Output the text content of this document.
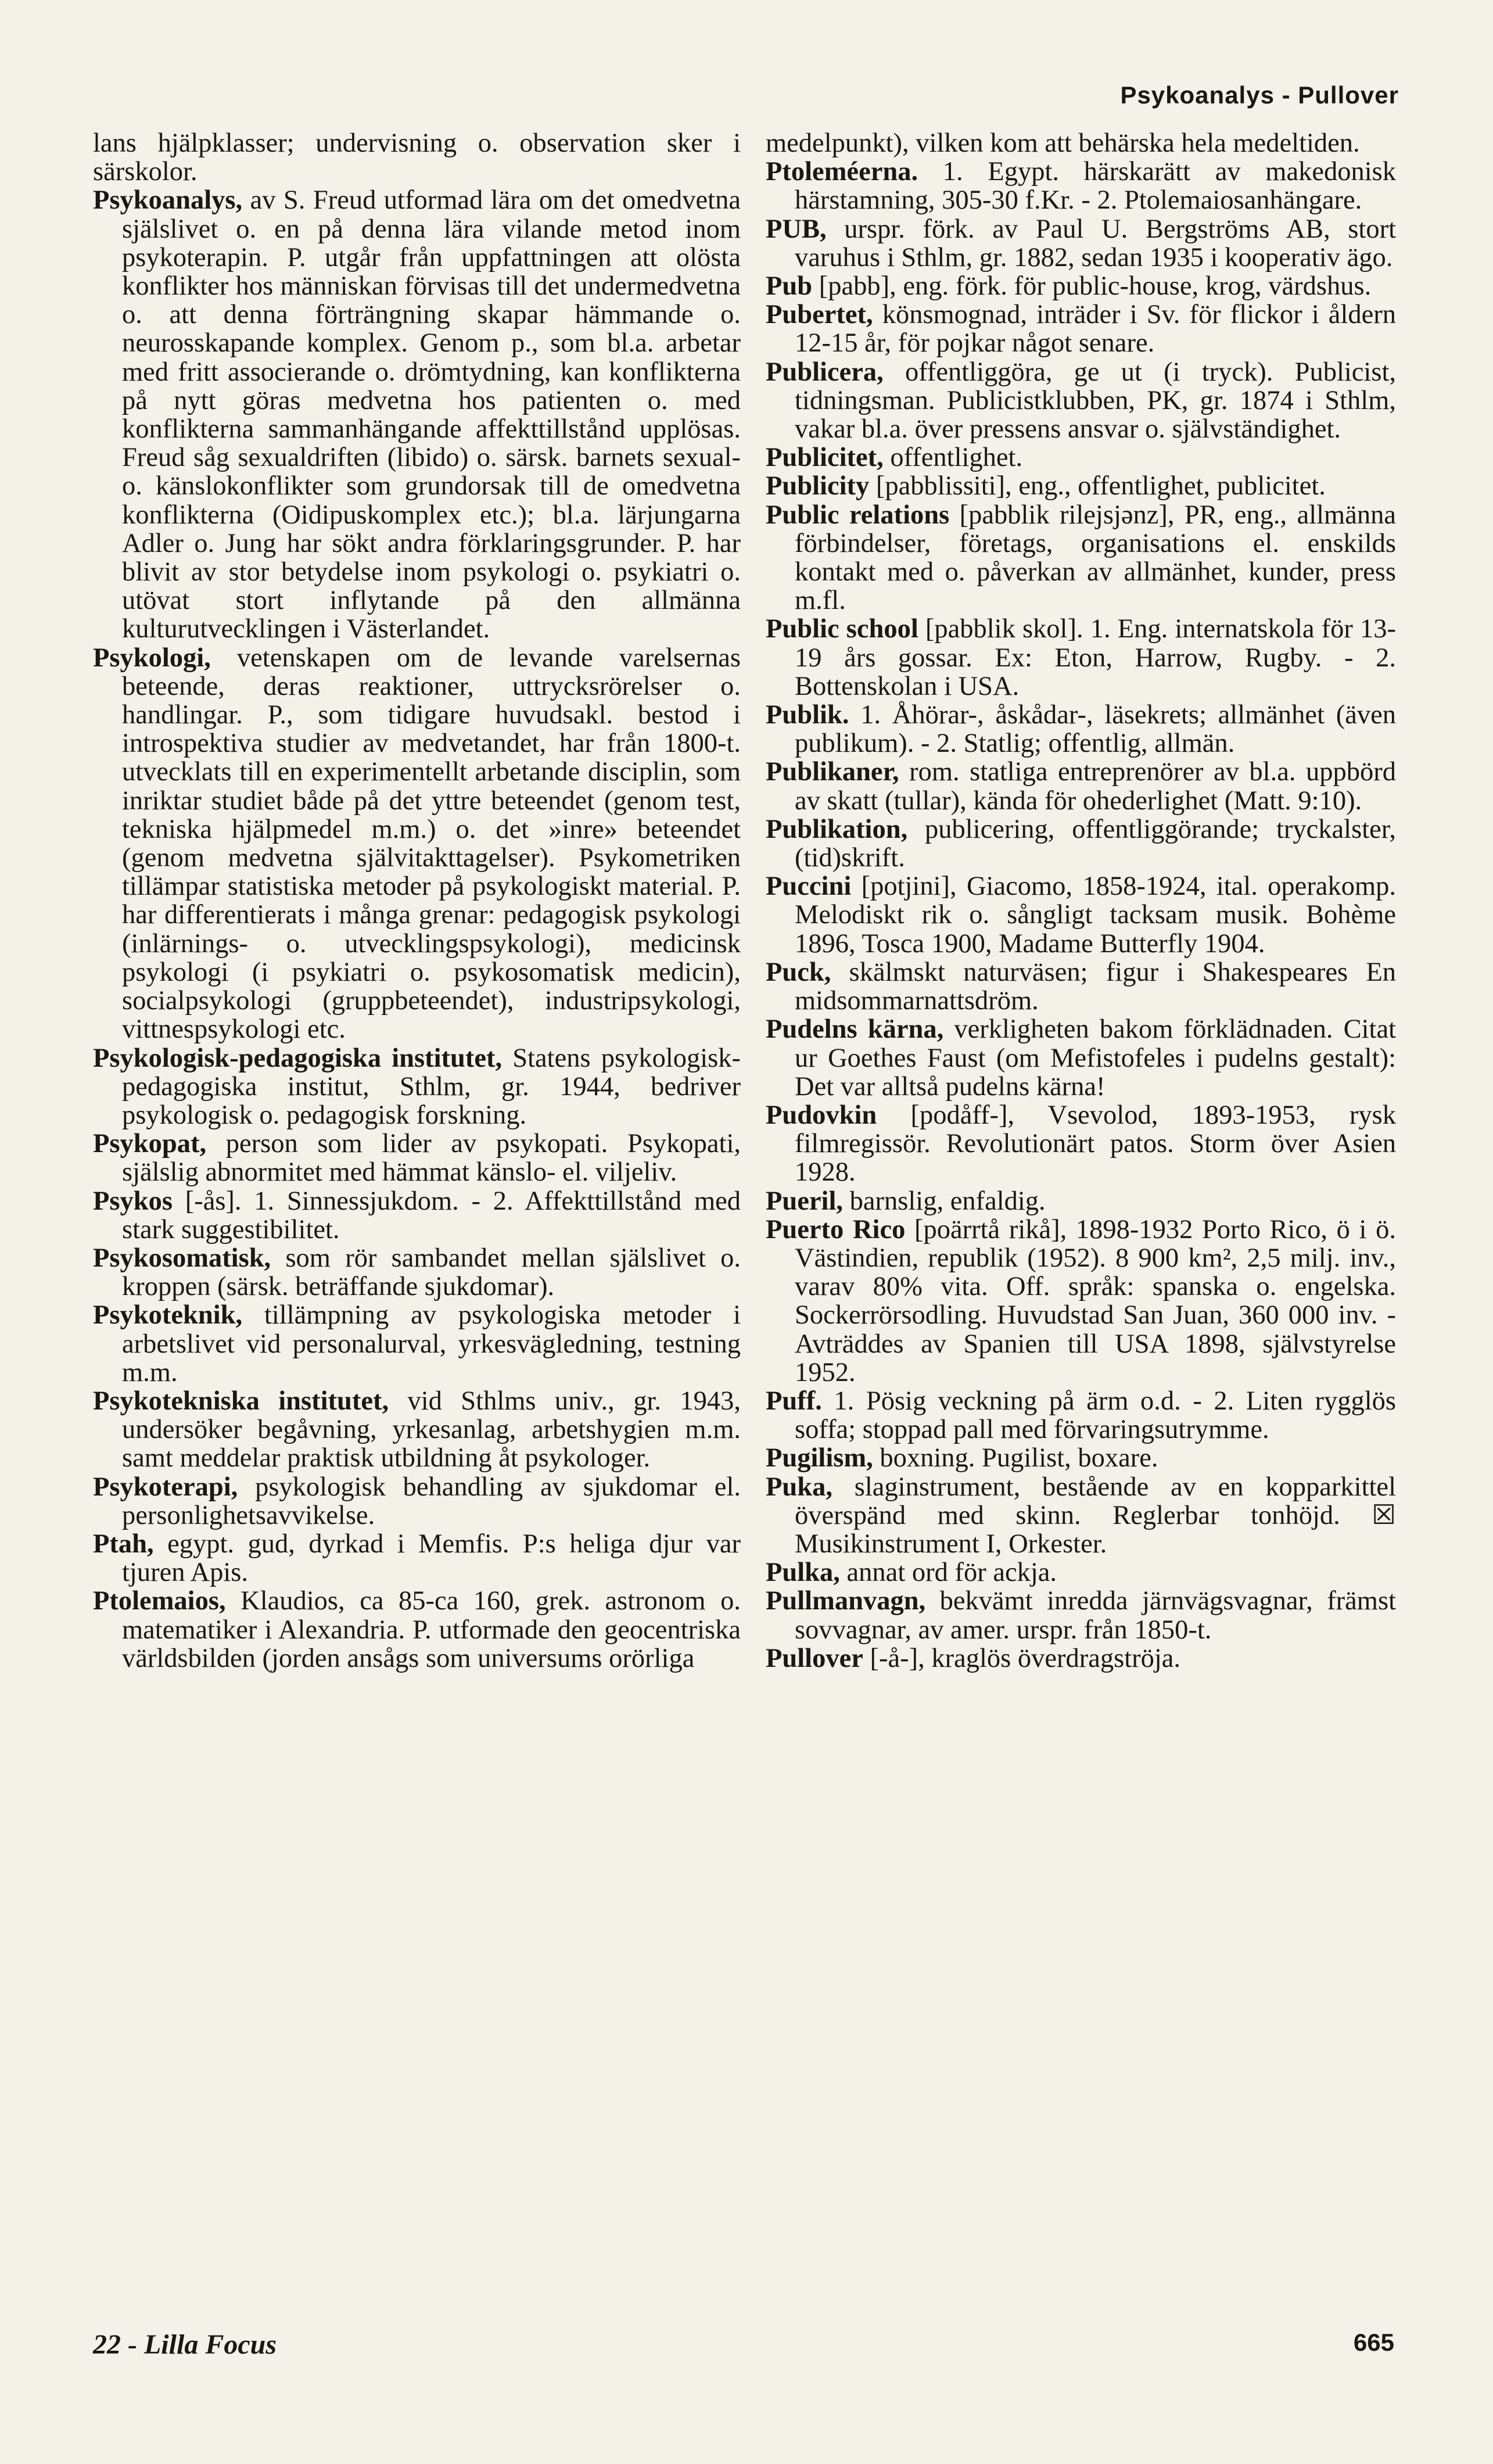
Psykoanalys - Pullover

lans hjälpklasser; undervisning o. observation sker i särskolor.

Psykoanalys, av S. Freud utformad lära om det omedvetna själslivet o. en på denna lära vilande metod inom psykoterapin. P. utgår från uppfattningen att olösta konflikter hos människan förvisas till det undermedvetna o. att denna förträngning skapar hämmande o. neurosskapande komplex. Genom p., som bl.a. arbetar med fritt associerande o. drömtydning, kan konflikterna på nytt göras medvetna hos patienten o. med konflikterna sammanhängande affekttillstånd upplösas. Freud såg sexualdriften (libido) o. särsk. barnets sexual- o. känslokonflikter som grundorsak till de omedvetna konflikterna (Oidipuskomplex etc.); bl.a. lärjungarna Adler o. Jung har sökt andra förklaringsgrunder. P. har blivit av stor betydelse inom psykologi o. psykiatri o. utövat stort inflytande på den allmänna kulturutvecklingen i Västerlandet.

Psykologi, vetenskapen om de levande varelsernas beteende, deras reaktioner, uttrycksrörelser o. handlingar. P., som tidigare huvudsakl. bestod i introspektiva studier av medvetandet, har från 1800-t. utvecklats till en experimentellt arbetande disciplin, som inriktar studiet både på det yttre beteendet (genom test, tekniska hjälpmedel m.m.) o. det »inre» beteendet (genom medvetna självitakttagelser). Psykometriken tillämpar statistiska metoder på psykologiskt material. P. har differentierats i många grenar: pedagogisk psykologi (inlärnings- o. utvecklingspsykologi), medicinsk psykologi (i psykiatri o. psykosomatisk medicin), socialpsykologi (gruppbeteendet), industripsykologi, vittnespsykologi etc.

Psykologisk-pedagogiska institutet, Statens psykologisk-pedagogiska institut, Sthlm, gr. 1944, bedriver psykologisk o. pedagogisk forskning.

Psykopat, person som lider av psykopati. Psykopati, själslig abnormitet med hämmat känslo- el. viljeliv.

Psykos [-ås]. 1. Sinnessjukdom. - 2. Affekttillstånd med stark suggestibilitet.

Psykosomatisk, som rör sambandet mellan själslivet o. kroppen (särsk. beträffande sjukdomar).

Psykoteknik, tillämpning av psykologiska metoder i arbetslivet vid personalurval, yrkesvägledning, testning m.m.

Psykotekniska institutet, vid Sthlms univ., gr. 1943, undersöker begåvning, yrkesanlag, arbetshygien m.m. samt meddelar praktisk utbildning åt psykologer.

Psykoterapi, psykologisk behandling av sjukdomar el. personlighetsavvikelse.

Ptah, egypt. gud, dyrkad i Memfis. P:s heliga djur var tjuren Apis.

Ptolemaios, Klaudios, ca 85-ca 160, grek. astronom o. matematiker i Alexandria. P. utformade den geocentriska världsbilden (jorden ansågs som universums orörliga

medelpunkt), vilken kom att behärska hela medeltiden.

Ptoleméerna. 1. Egypt. härskarätt av makedonisk härstamning, 305-30 f.Kr. - 2. Ptolemaiosanhängare.

PUB, urspr. förk. av Paul U. Bergströms AB, stort varuhus i Sthlm, gr. 1882, sedan 1935 i kooperativ ägo.

Pub [pabb], eng. förk. för public-house, krog, värdshus.

Pubertet, könsmognad, inträder i Sv. för flickor i åldern 12-15 år, för pojkar något senare.

Publicera, offentliggöra, ge ut (i tryck). Publicist, tidningsman. Publicistklubben, PK, gr. 1874 i Sthlm, vakar bl.a. över pressens ansvar o. självständighet.

Publicitet, offentlighet.

Publicity [pabblissiti], eng., offentlighet, publicitet.

Public relations [pabblik rilejsjənz], PR, eng., allmänna förbindelser, företags, organisations el. enskilds kontakt med o. påverkan av allmänhet, kunder, press m.fl.

Public school [pabblik skol]. 1. Eng. internatskola för 13-19 års gossar. Ex: Eton, Harrow, Rugby. - 2. Bottenskolan i USA.

Publik. 1. Åhörar-, åskådar-, läsekrets; allmänhet (även publikum). - 2. Statlig; offentlig, allmän.

Publikaner, rom. statliga entreprenörer av bl.a. uppbörd av skatt (tullar), kända för ohederlighet (Matt. 9:10).

Publikation, publicering, offentliggörande; tryckalster, (tid)skrift.

Puccini [potjini], Giacomo, 1858-1924, ital. operakomp. Melodiskt rik o. sångligt tacksam musik. Bohème 1896, Tosca 1900, Madame Butterfly 1904.

Puck, skälmskt naturväsen; figur i Shakespeares En midsommarnattsdröm.

Pudelns kärna, verkligheten bakom förklädnaden. Citat ur Goethes Faust (om Mefistofeles i pudelns gestalt): Det var alltså pudelns kärna!

Pudovkin [podåff-], Vsevolod, 1893-1953, rysk filmregissör. Revolutionärt patos. Storm över Asien 1928.

Pueril, barnslig, enfaldig.

Puerto Rico [poärrtå rikå], 1898-1932 Porto Rico, ö i ö. Västindien, republik (1952). 8 900 km², 2,5 milj. inv., varav 80% vita. Off. språk: spanska o. engelska. Sockerrörsodling. Huvudstad San Juan, 360 000 inv. - Avträddes av Spanien till USA 1898, självstyrelse 1952.

Puff. 1. Pösig veckning på ärm o.d. - 2. Liten rygglös soffa; stoppad pall med förvaringsutrymme.

Pugilism, boxning. Pugilist, boxare.

Puka, slaginstrument, bestående av en kopparkittel överspänd med skinn. Reglerbar tonhöjd. ☒ Musikinstrument I, Orkester.

Pulka, annat ord för ackja.

Pullmanvagn, bekvämt inredda järnvägsvagnar, främst sovvagnar, av amer. urspr. från 1850-t.

Pullover [-å-], kraglös överdragströja.

22 - Lilla Focus	665
